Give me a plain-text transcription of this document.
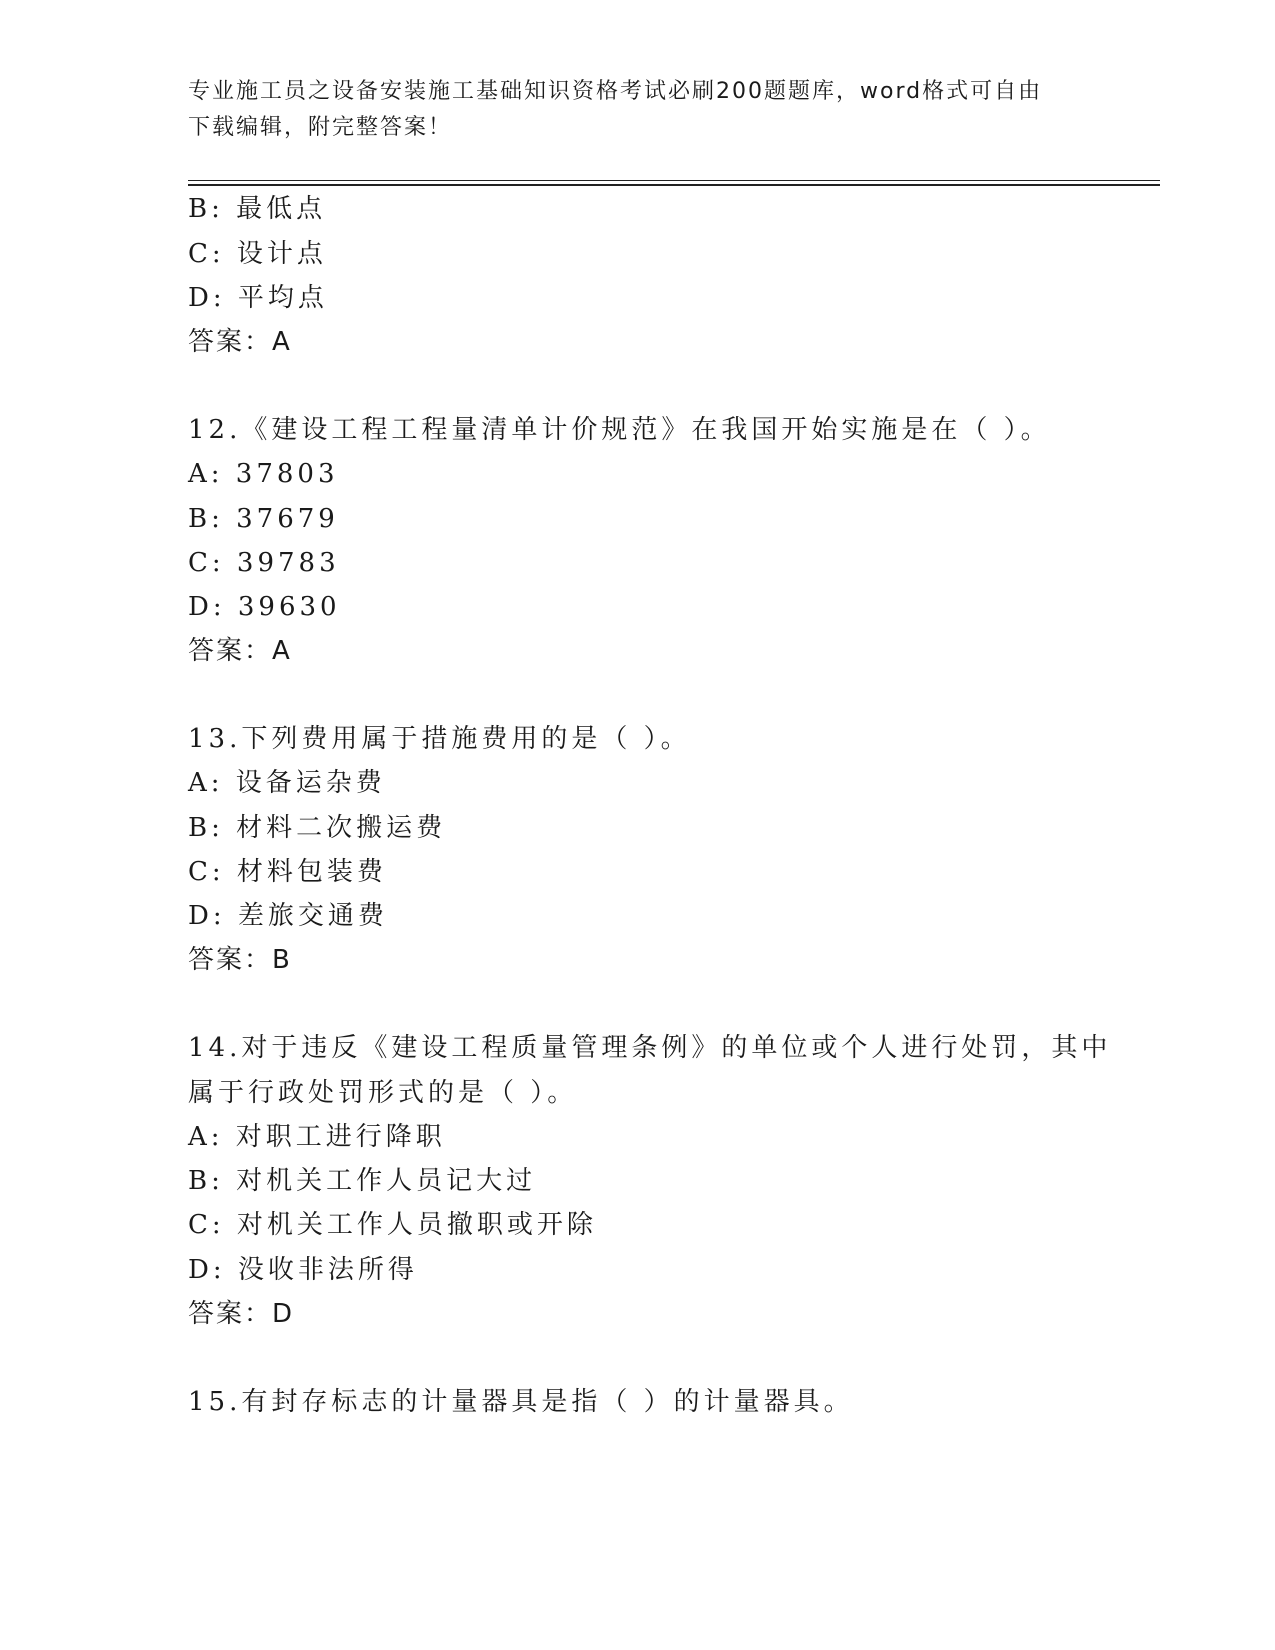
专业施工员之设备安装施工基础知识资格考试必刷200题题库，word格式可自由
下载编辑，附完整答案！
B: 最低点
C: 设计点
D: 平均点
答案：A
12.《建设工程工程量清单计价规范》在我国开始实施是在（ ）。
A: 37803
B: 37679
C: 39783
D: 39630
答案：A
13.下列费用属于措施费用的是（ ）。
A: 设备运杂费
B: 材料二次搬运费
C: 材料包装费
D: 差旅交通费
答案：B
14.对于违反《建设工程质量管理条例》的单位或个人进行处罚，其中
属于行政处罚形式的是（ ）。
A: 对职工进行降职
B: 对机关工作人员记大过
C: 对机关工作人员撤职或开除
D: 没收非法所得
答案：D
15.有封存标志的计量器具是指（ ）的计量器具。
